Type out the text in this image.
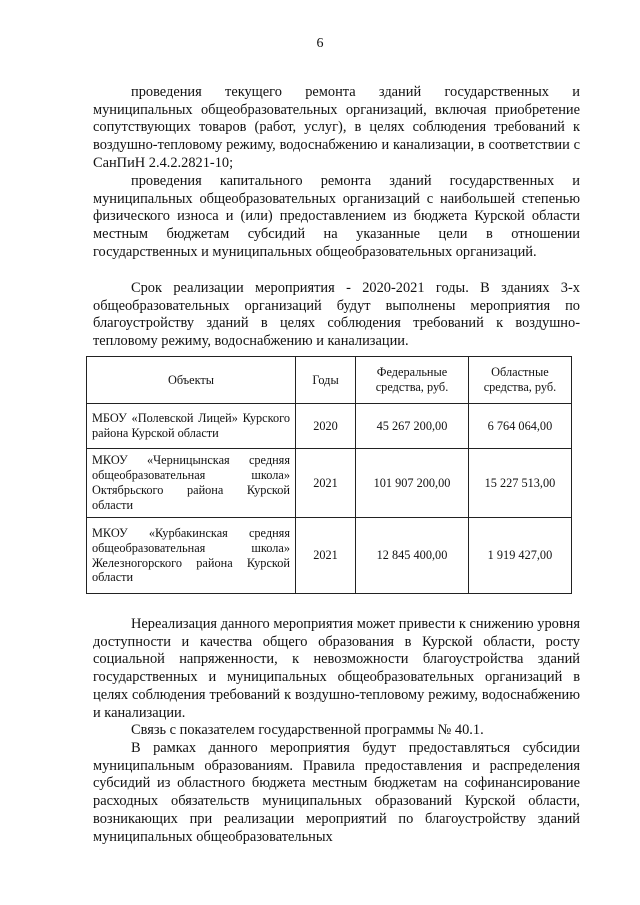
6

проведения текущего ремонта зданий государственных и муниципальных общеобразовательных организаций, включая приобретение сопутствующих товаров (работ, услуг), в целях соблюдения требований к воздушно-тепловому режиму, водоснабжению и канализации, в соответствии с СанПиН 2.4.2.2821-10;

проведения капитального ремонта зданий государственных и муниципальных общеобразовательных организаций с наибольшей степенью физического износа и (или) предоставлением из бюджета Курской области местным бюджетам субсидий на указанные цели в отношении государственных и муниципальных общеобразовательных организаций.

Срок реализации мероприятия - 2020-2021 годы. В зданиях 3-х общеобразовательных организаций будут выполнены мероприятия по благоустройству зданий в целях соблюдения требований к воздушно-тепловому режиму, водоснабжению и канализации.

Объекты	Годы	Федеральные средства, руб.	Областные средства, руб.
МБОУ «Полевской Лицей» Курского района Курской области	2020	45 267 200,00	6 764 064,00
МКОУ «Черницынская средняя общеобразовательная школа» Октябрьского района Курской области	2021	101 907 200,00	15 227 513,00
МКОУ «Курбакинская средняя общеобразовательная школа» Железногорского района Курской области	2021	12 845 400,00	1 919 427,00

Нереализация данного мероприятия может привести к снижению уровня доступности и качества общего образования в Курской области, росту социальной напряженности, к невозможности благоустройства зданий государственных и муниципальных общеобразовательных организаций в целях соблюдения требований к воздушно-тепловому режиму, водоснабжению и канализации.

Связь с показателем государственной программы № 40.1.

В рамках данного мероприятия будут предоставляться субсидии муниципальным образованиям. Правила предоставления и распределения субсидий из областного бюджета местным бюджетам на софинансирование расходных обязательств муниципальных образований Курской области, возникающих при реализации мероприятий по благоустройству зданий муниципальных общеобразовательных
